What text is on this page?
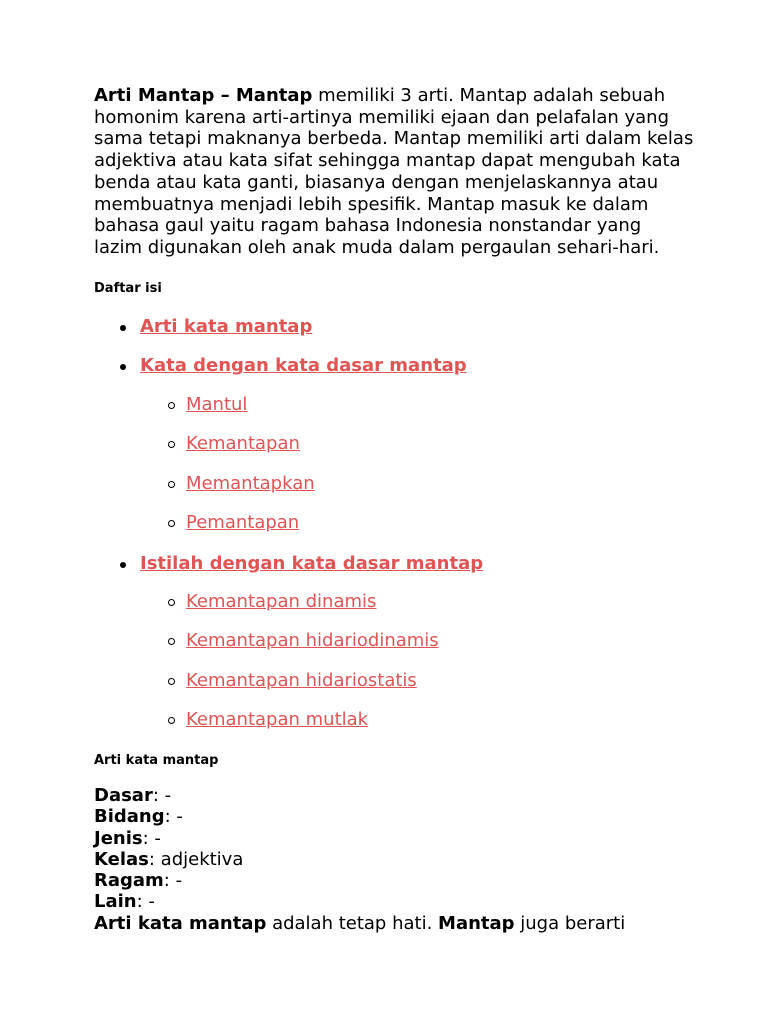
Arti Mantap – Mantap memiliki 3 arti. Mantap adalah sebuah homonim karena arti-artinya memiliki ejaan dan pelafalan yang sama tetapi maknanya berbeda. Mantap memiliki arti dalam kelas adjektiva atau kata sifat sehingga mantap dapat mengubah kata benda atau kata ganti, biasanya dengan menjelaskannya atau membuatnya menjadi lebih spesifik. Mantap masuk ke dalam bahasa gaul yaitu ragam bahasa Indonesia nonstandar yang lazim digunakan oleh anak muda dalam pergaulan sehari-hari.

Daftar isi

Arti kata mantap
Kata dengan kata dasar mantap
Mantul
Kemantapan
Memantapkan
Pemantapan
Istilah dengan kata dasar mantap
Kemantapan dinamis
Kemantapan hidariodinamis
Kemantapan hidariostatis
Kemantapan mutlak

Arti kata mantap

Dasar: -
Bidang: -
Jenis: -
Kelas: adjektiva
Ragam: -
Lain: -

Arti kata mantap adalah tetap hati. Mantap juga berarti
